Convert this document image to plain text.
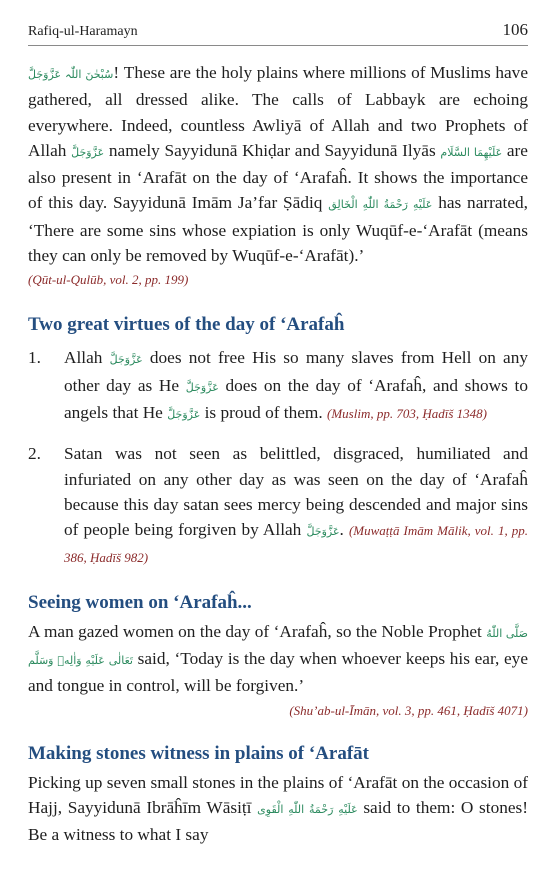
Rafiq-ul-Haramayn	106

سُبْحٰنَ اللّٰہ عَزَّوَجَلَّ! These are the holy plains where millions of Muslims have gathered, all dressed alike. The calls of Labbayk are echoing everywhere. Indeed, countless Awliyā of Allah and two Prophets of Allah عَزَّوَجَلَّ namely Sayyidunā Khiḍar and Sayyidunā Ilyās عَلَيْهِمَا السَّلَام are also present in ‘Arafāt on the day of ‘Arafaĥ. It shows the importance of this day. Sayyidunā Imām Ja’far Ṣādiq عَلَيْهِ رَحْمَةُ اللّٰهِ الْخَالِق has narrated, ‘There are some sins whose expiation is only Wuqūf-e-‘Arafāt (means they can only be removed by Wuqūf-e-‘Arafāt).’

(Qūt-ul-Qulūb, vol. 2, pp. 199)
Two great virtues of the day of ‘Arafaĥ
1.	Allah عَزَّوَجَلَّ does not free His so many slaves from Hell on any other day as He عَزَّوَجَلَّ does on the day of ‘Arafaĥ, and shows to angels that He عَزَّوَجَلَّ is proud of them. (Muslim, pp. 703, Ḥadīš 1348)

2.	Satan was not seen as belittled, disgraced, humiliated and infuriated on any other day as was seen on the day of ‘Arafaĥ because this day satan sees mercy being descended and major sins of people being forgiven by Allah عَزَّوَجَلَّ. (Muwaṭṭā Imām Mālik, vol. 1, pp. 386, Ḥadīš 982)

Seeing women on ‘Arafaĥ...

A man gazed women on the day of ‘Arafaĥ, so the Noble Prophet صَلَّى اللّٰهُ تَعَالٰى عَلَيْهِ وَاٰلِهٖ وَسَلَّم said, ‘Today is the day when whoever keeps his ear, eye and tongue in control, will be forgiven.’

(Shu’ab-ul-Īmān, vol. 3, pp. 461, Ḥadīš 4071)
Making stones witness in plains of ‘Arafāt

Picking up seven small stones in the plains of ‘Arafāt on the occasion of Hajj, Sayyidunā Ibrāĥīm Wāsiṭī عَلَيْهِ رَحْمَةُ اللّٰهِ الْقَوِى said to them: O stones! Be a witness to what I say
